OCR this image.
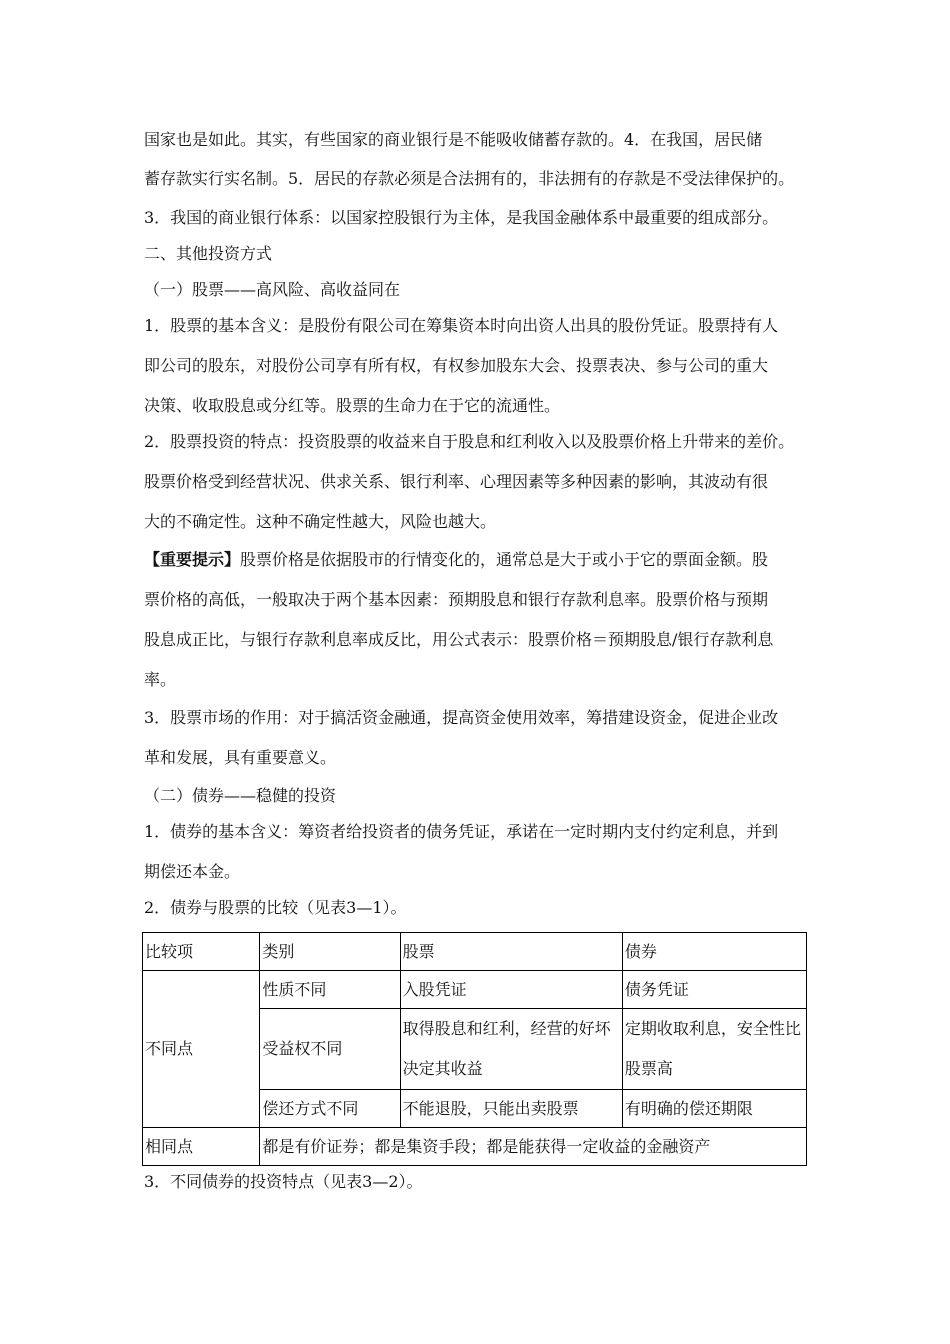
国家也是如此。其实，有些国家的商业银行是不能吸收储蓄存款的。4．在我国，居民储
蓄存款实行实名制。5．居民的存款必须是合法拥有的，非法拥有的存款是不受法律保护的。
3．我国的商业银行体系：以国家控股银行为主体，是我国金融体系中最重要的组成部分。
二、其他投资方式
（一）股票——高风险、高收益同在
1．股票的基本含义：是股份有限公司在筹集资本时向出资人出具的股份凭证。股票持有人
即公司的股东，对股份公司享有所有权，有权参加股东大会、投票表决、参与公司的重大
决策、收取股息或分红等。股票的生命力在于它的流通性。
2．股票投资的特点：投资股票的收益来自于股息和红利收入以及股票价格上升带来的差价。
股票价格受到经营状况、供求关系、银行利率、心理因素等多种因素的影响，其波动有很
大的不确定性。这种不确定性越大，风险也越大。
【重要提示】股票价格是依据股市的行情变化的，通常总是大于或小于它的票面金额。股
票价格的高低，一般取决于两个基本因素：预期股息和银行存款利息率。股票价格与预期
股息成正比，与银行存款利息率成反比，用公式表示：股票价格＝预期股息/银行存款利息
率。
3．股票市场的作用：对于搞活资金融通，提高资金使用效率，筹措建设资金，促进企业改
革和发展，具有重要意义。
（二）债券——稳健的投资
1．债券的基本含义：筹资者给投资者的债务凭证，承诺在一定时期内支付约定利息，并到
期偿还本金。
2．债券与股票的比较（见表3—1）。
比较项	类别	股票	债券
不同点	性质不同	入股凭证	债务凭证
	受益权不同	取得股息和红利，经营的好坏决定其收益	定期收取利息，安全性比股票高
	偿还方式不同	不能退股，只能出卖股票	有明确的偿还期限
相同点	都是有价证券；都是集资手段；都是能获得一定收益的金融资产		
3．不同债券的投资特点（见表3—2）。
